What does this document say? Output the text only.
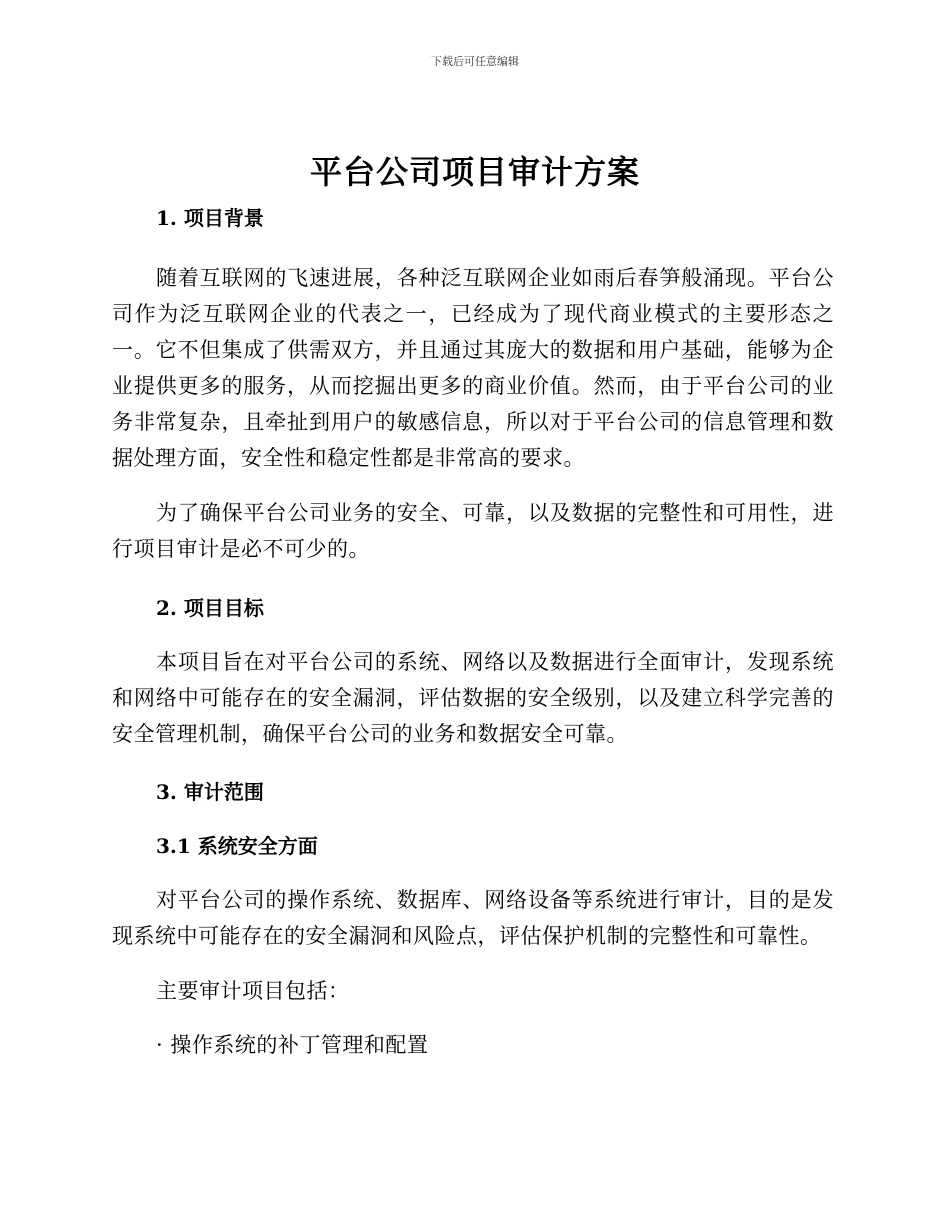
下载后可任意编辑
平台公司项目审计方案
1. 项目背景

随着互联网的飞速进展，各种泛互联网企业如雨后春笋般涌现。平台公司作为泛互联网企业的代表之一，已经成为了现代商业模式的主要形态之一。它不但集成了供需双方，并且通过其庞大的数据和用户基础，能够为企业提供更多的服务，从而挖掘出更多的商业价值。然而，由于平台公司的业务非常复杂，且牵扯到用户的敏感信息，所以对于平台公司的信息管理和数据处理方面，安全性和稳定性都是非常高的要求。

为了确保平台公司业务的安全、可靠，以及数据的完整性和可用性，进行项目审计是必不可少的。

2. 项目目标

本项目旨在对平台公司的系统、网络以及数据进行全面审计，发现系统和网络中可能存在的安全漏洞，评估数据的安全级别，以及建立科学完善的安全管理机制，确保平台公司的业务和数据安全可靠。

3. 审计范围
3.1 系统安全方面

对平台公司的操作系统、数据库、网络设备等系统进行审计，目的是发现系统中可能存在的安全漏洞和风险点，评估保护机制的完整性和可靠性。

主要审计项目包括：

· 操作系统的补丁管理和配置
